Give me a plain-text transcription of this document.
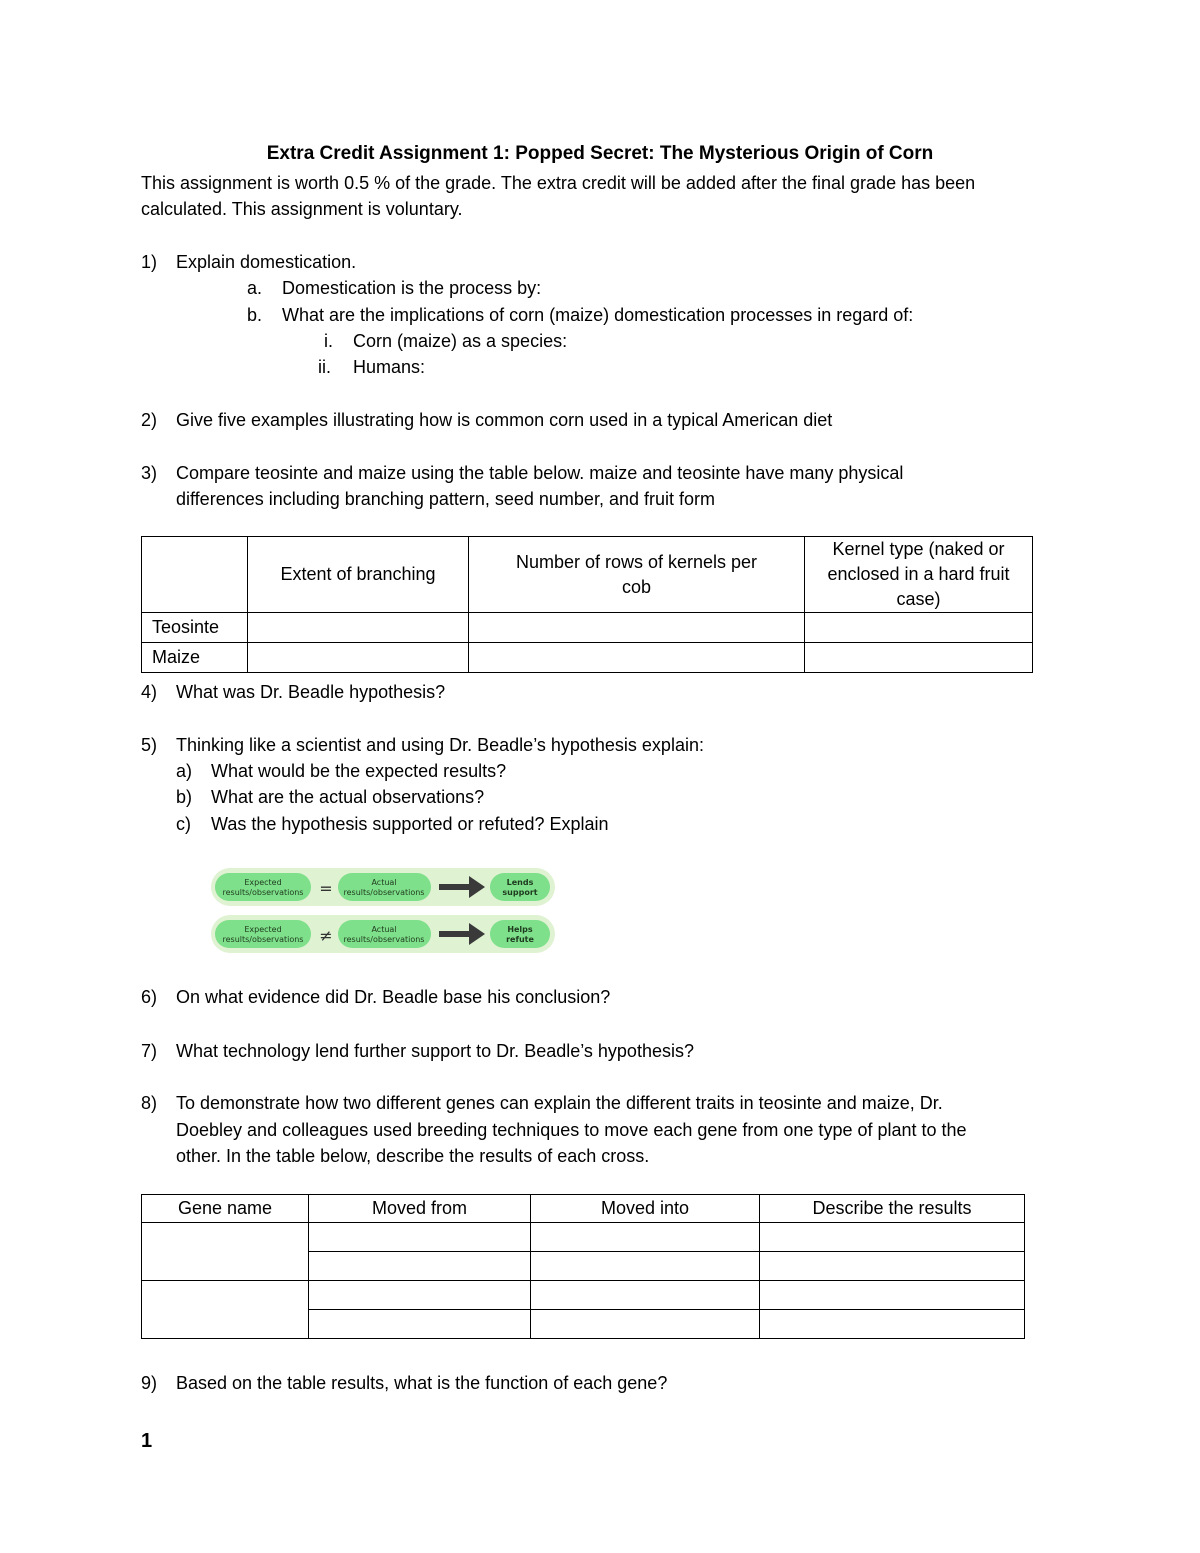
Extra Credit Assignment 1: Popped Secret: The Mysterious Origin of Corn
This assignment is worth 0.5 % of the grade. The extra credit will be added after the final grade has been
calculated. This assignment is voluntary.
1) Explain domestication.
a. Domestication is the process by:
b. What are the implications of corn (maize) domestication processes in regard of:
i. Corn (maize) as a species:
ii. Humans:
2) Give five examples illustrating how is common corn used in a typical American diet
3) Compare teosinte and maize using the table below. maize and teosinte have many physical
differences including branching pattern, seed number, and fruit form
	Extent of branching	Number of rows of kernels per cob	Kernel type (naked or enclosed in a hard fruit case)
Teosinte			
Maize			
4) What was Dr. Beadle hypothesis?
5) Thinking like a scientist and using Dr. Beadle’s hypothesis explain:
a) What would be the expected results?
b) What are the actual observations?
c) Was the hypothesis supported or refuted? Explain
Expected
results/observations =	Actual
results/observations
Lends
support
Expected
results/observations ≠	Actual
results/observations
Helps
refute
6) On what evidence did Dr. Beadle base his conclusion?
7) What technology lend further support to Dr. Beadle’s hypothesis?
8) To demonstrate how two different genes can explain the different traits in teosinte and maize, Dr.
Doebley and colleagues used breeding techniques to move each gene from one type of plant to the
other. In the table below, describe the results of each cross.
Gene name	Moved from	Moved into	Describe the results

9) Based on the table results, what is the function of each gene?
1
